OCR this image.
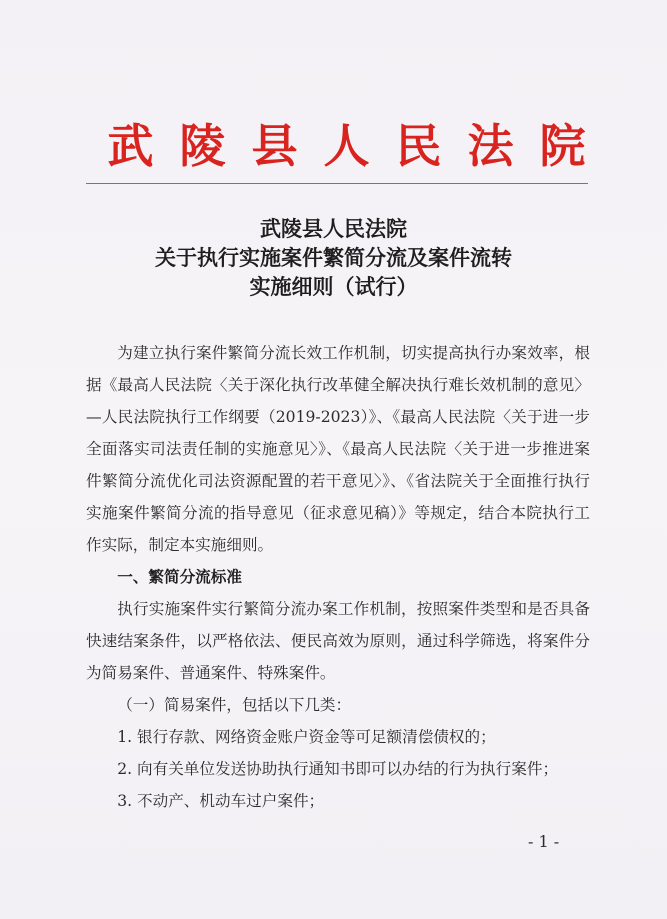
武陵县人民法院
武陵县人民法院
关于执行实施案件繁简分流及案件流转
实施细则（试行）

为建立执行案件繁简分流长效工作机制，切实提高执行办案效率，根据《最高人民法院〈关于深化执行改革健全解决执行难长效机制的意见〉—人民法院执行工作纲要（2019-2023）》、《最高人民法院〈关于进一步全面落实司法责任制的实施意见〉》、《最高人民法院〈关于进一步推进案件繁简分流优化司法资源配置的若干意见〉》、《省法院关于全面推行执行实施案件繁简分流的指导意见（征求意见稿）》等规定，结合本院执行工作实际，制定本实施细则。

一、繁简分流标准

执行实施案件实行繁简分流办案工作机制，按照案件类型和是否具备快速结案条件，以严格依法、便民高效为原则，通过科学筛选，将案件分为简易案件、普通案件、特殊案件。

（一）简易案件，包括以下几类：

1. 银行存款、网络资金账户资金等可足额清偿债权的；

2. 向有关单位发送协助执行通知书即可以办结的行为执行案件；

3. 不动产、机动车过户案件；

- 1 -
